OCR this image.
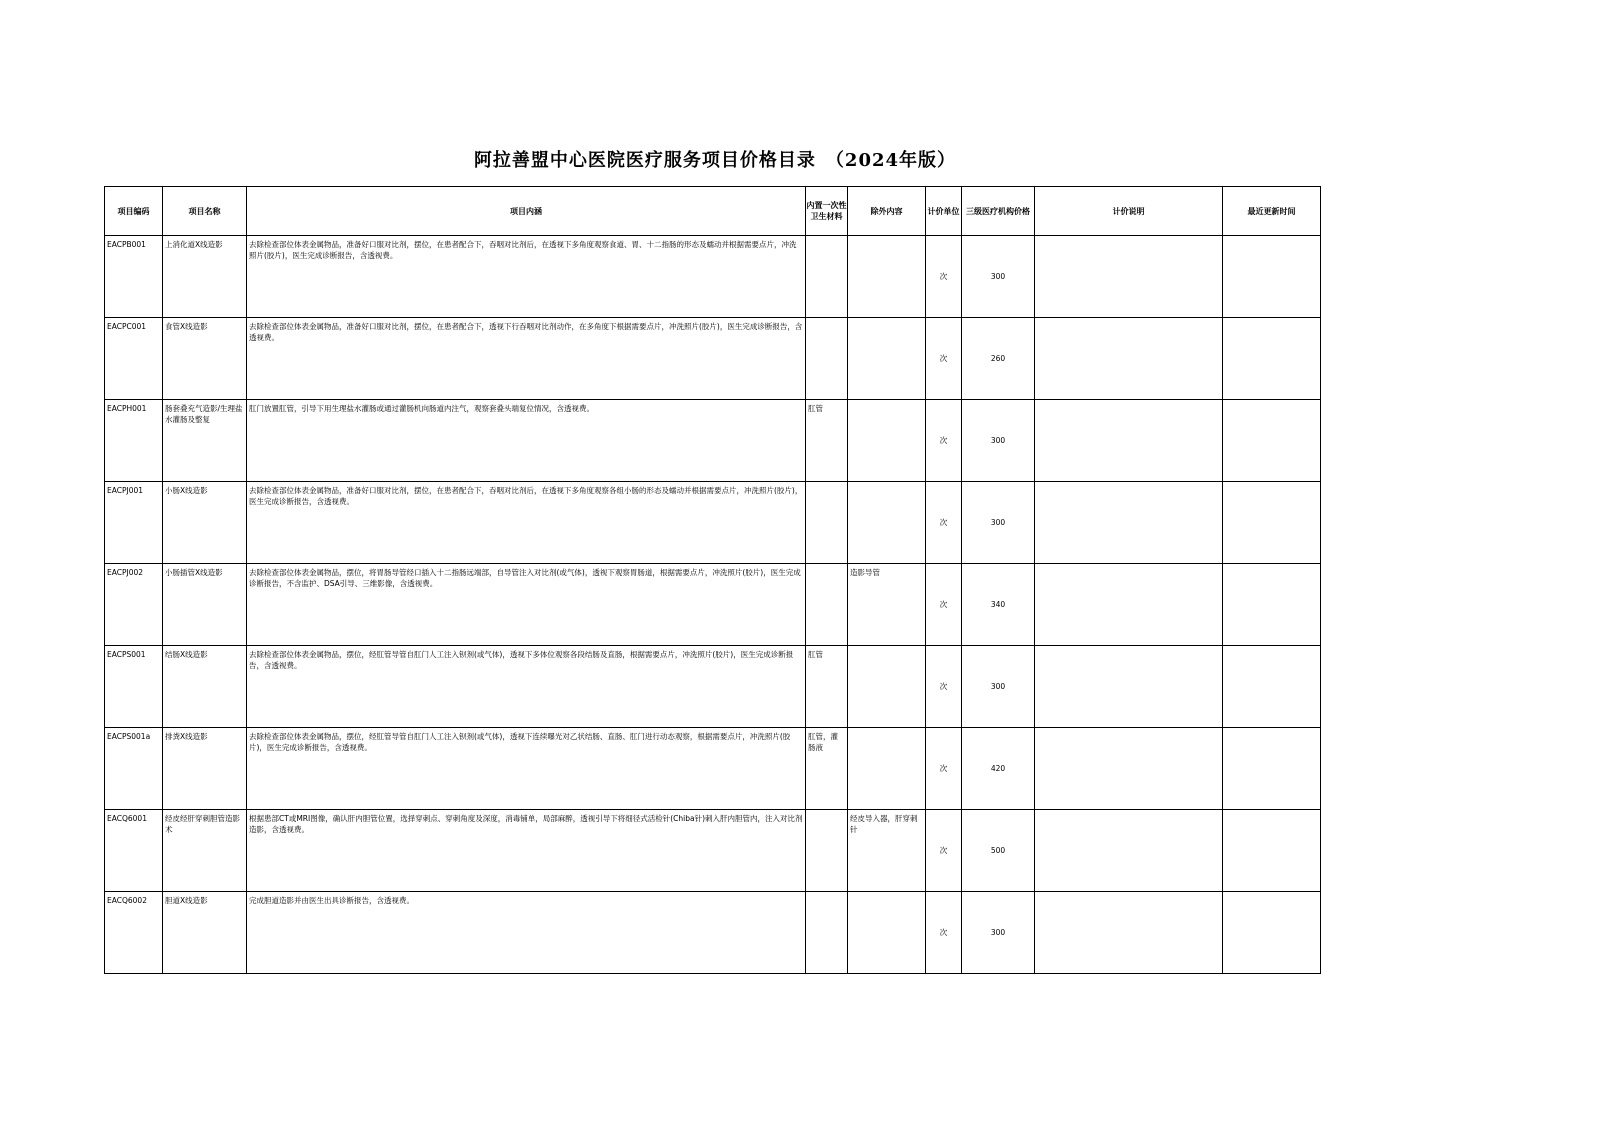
阿拉善盟中心医院医疗服务项目价格目录　（2024年版）
项目编码	项目名称	项目内涵	内置一次性卫生材料	除外内容	计价单位	三级医疗机构价格	计价说明	最近更新时间
EACPB001	上消化道X线造影	去除检查部位体表金属物品，准备好口服对比剂，摆位，在患者配合下，吞咽对比剂后，在透视下多角度观察食道、胃、十二指肠的形态及蠕动并根据需要点片，冲洗照片(胶片)，医生完成诊断报告，含透视费。			次	300		
EACPC001	食管X线造影	去除检查部位体表金属物品，准备好口服对比剂，摆位，在患者配合下，透视下行吞咽对比剂动作，在多角度下根据需要点片，冲洗照片(胶片)，医生完成诊断报告，含透视费。			次	260		
EACPH001	肠套叠充气造影/生理盐水灌肠及整复	肛门放置肛管，引导下用生理盐水灌肠或通过灌肠机向肠道内注气，观察套叠头端复位情况，含透视费。	肛管		次	300		
EACPJ001	小肠X线造影	去除检查部位体表金属物品，准备好口服对比剂，摆位，在患者配合下，吞咽对比剂后，在透视下多角度观察各组小肠的形态及蠕动并根据需要点片，冲洗照片(胶片)，医生完成诊断报告，含透视费。			次	300		
EACPJ002	小肠插管X线造影	去除检查部位体表金属物品，摆位，将胃肠导管经口插入十二指肠远端部，自导管注入对比剂(或气体)，透视下观察胃肠道，根据需要点片，冲洗照片(胶片)，医生完成诊断报告，不含监护、DSA引导、三维影像，含透视费。		造影导管	次	340		
EACPS001	结肠X线造影	去除检查部位体表金属物品，摆位，经肛管导管自肛门人工注入钡剂(或气体)，透视下多体位观察各段结肠及直肠，根据需要点片，冲洗照片(胶片)，医生完成诊断报告，含透视费。	肛管		次	300		
EACPS001a	排粪X线造影	去除检查部位体表金属物品，摆位，经肛管导管自肛门人工注入钡剂(或气体)，透视下连续曝光对乙状结肠、直肠、肛门进行动态观察，根据需要点片，冲洗照片(胶片)，医生完成诊断报告，含透视费。	肛管，灌肠液		次	420		
EACQ6001	经皮经肝穿刺胆管造影术	根据患部CT或MRI图像，确认肝内胆管位置，选择穿刺点、穿刺角度及深度，消毒铺单，局部麻醉，透视引导下将细径式活检针(Chiba针)刺入肝内胆管内，注入对比剂造影，含透视费。		经皮导入器，肝穿刺针	次	500		
EACQ6002	胆道X线造影	完成胆道造影并由医生出具诊断报告，含透视费。			次	300		
